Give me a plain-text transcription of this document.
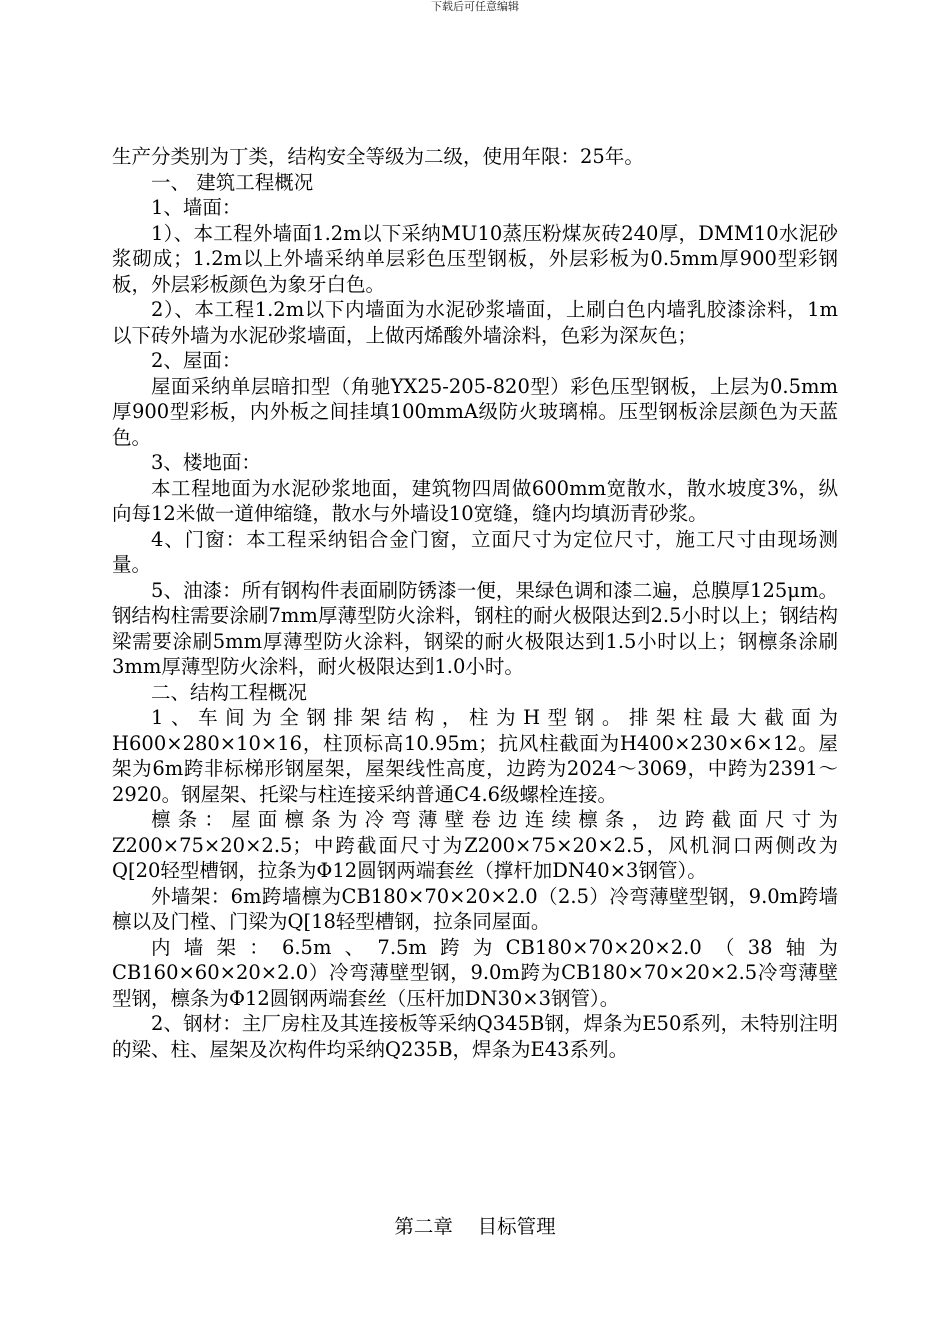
下载后可任意编辑

生产分类别为丁类，结构安全等级为二级，使用年限：25年。

一、 建筑工程概况

1、墙面：

1）、本工程外墙面1.2m以下采纳MU10蒸压粉煤灰砖240厚，DMM10水泥砂浆砌成；1.2m以上外墙采纳单层彩色压型钢板，外层彩板为0.5mm厚900型彩钢板，外层彩板颜色为象牙白色。

2）、本工程1.2m以下内墙面为水泥砂浆墙面，上刷白色内墙乳胶漆涂料，1m以下砖外墙为水泥砂浆墙面，上做丙烯酸外墙涂料，色彩为深灰色；

2、屋面：

屋面采纳单层暗扣型（角驰YX25-205-820型）彩色压型钢板，上层为0.5mm厚900型彩板，内外板之间挂填100mmA级防火玻璃棉。压型钢板涂层颜色为天蓝色。

3、楼地面：

本工程地面为水泥砂浆地面，建筑物四周做600mm宽散水，散水坡度3%，纵向每12米做一道伸缩缝，散水与外墙设10宽缝，缝内均填沥青砂浆。

4、门窗：本工程采纳铝合金门窗，立面尺寸为定位尺寸，施工尺寸由现场测量。

5、油漆：所有钢构件表面刷防锈漆一便，果绿色调和漆二遍，总膜厚125μm。钢结构柱需要涂刷7mm厚薄型防火涂料，钢柱的耐火极限达到2.5小时以上；钢结构梁需要涂刷5mm厚薄型防火涂料，钢梁的耐火极限达到1.5小时以上；钢檩条涂刷3mm厚薄型防火涂料，耐火极限达到1.0小时。

二、结构工程概况

1、车间为全钢排架结构，柱为H型钢。排架柱最大截面为H600×280×10×16，柱顶标高10.95m；抗风柱截面为H400×230×6×12。屋架为6m跨非标梯形钢屋架，屋架线性高度，边跨为2024～3069，中跨为2391～2920。钢屋架、托梁与柱连接采纳普通C4.6级螺栓连接。

檩条：屋面檩条为冷弯薄壁卷边连续檩条，边跨截面尺寸为Z200×75×20×2.5；中跨截面尺寸为Z200×75×20×2.5，风机洞口两侧改为Q[20轻型槽钢，拉条为Φ12圆钢两端套丝（撑杆加DN40×3钢管）。

外墙架：6m跨墙檩为CB180×70×20×2.0（2.5）冷弯薄壁型钢，9.0m跨墙檩以及门樘、门梁为Q[18轻型槽钢，拉条同屋面。

内墙架：6.5m、7.5m跨为CB180×70×20×2.0（38轴为CB160×60×20×2.0）冷弯薄壁型钢，9.0m跨为CB180×70×20×2.5冷弯薄壁型钢，檩条为Φ12圆钢两端套丝（压杆加DN30×3钢管）。

2、钢材：主厂房柱及其连接板等采纳Q345B钢，焊条为E50系列，未特别注明的梁、柱、屋架及次构件均采纳Q235B，焊条为E43系列。

第二章    目标管理
